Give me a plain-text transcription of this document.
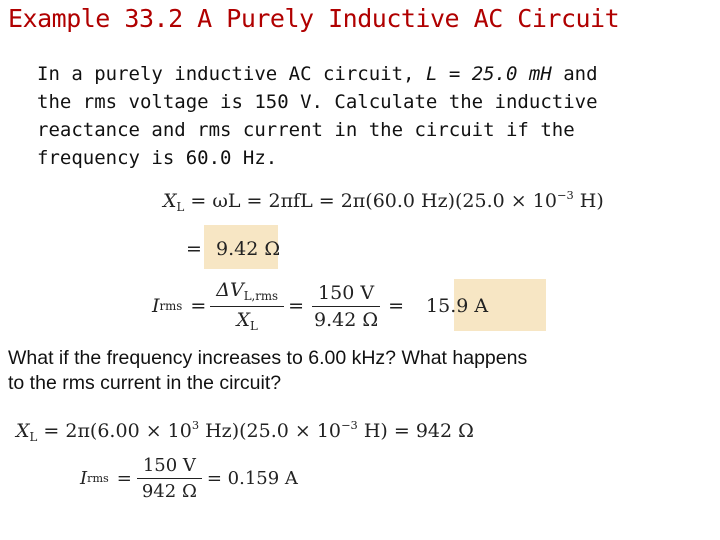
Example 33.2 A Purely Inductive AC Circuit
In a purely inductive AC circuit, L = 25.0 mH and
the rms voltage is 150 V. Calculate the inductive
reactance and rms current in the circuit if the
frequency is 60.0 Hz.
$X_L = \omega L = 2\pi fL = 2\pi(60.0$ $Hz)(25.0 \times 10^{-3}$ H)
= 9.42 Ω
I rms = $\frac{\Delta V_{L,rms}}{X_L} = \frac{150 V}{9.42 \Omega} = 15.9$ A
What if the frequency increases to 6.00 kHz? What happens
to the rms current in the circuit?
$X_L = 2\pi(6.00 \times 10^3$ $Hz)(25.0 \times 10^{-3}$ H) = 942 Ω
I rms = $\frac{150 V}{942 \Omega} = 0.159$ A
